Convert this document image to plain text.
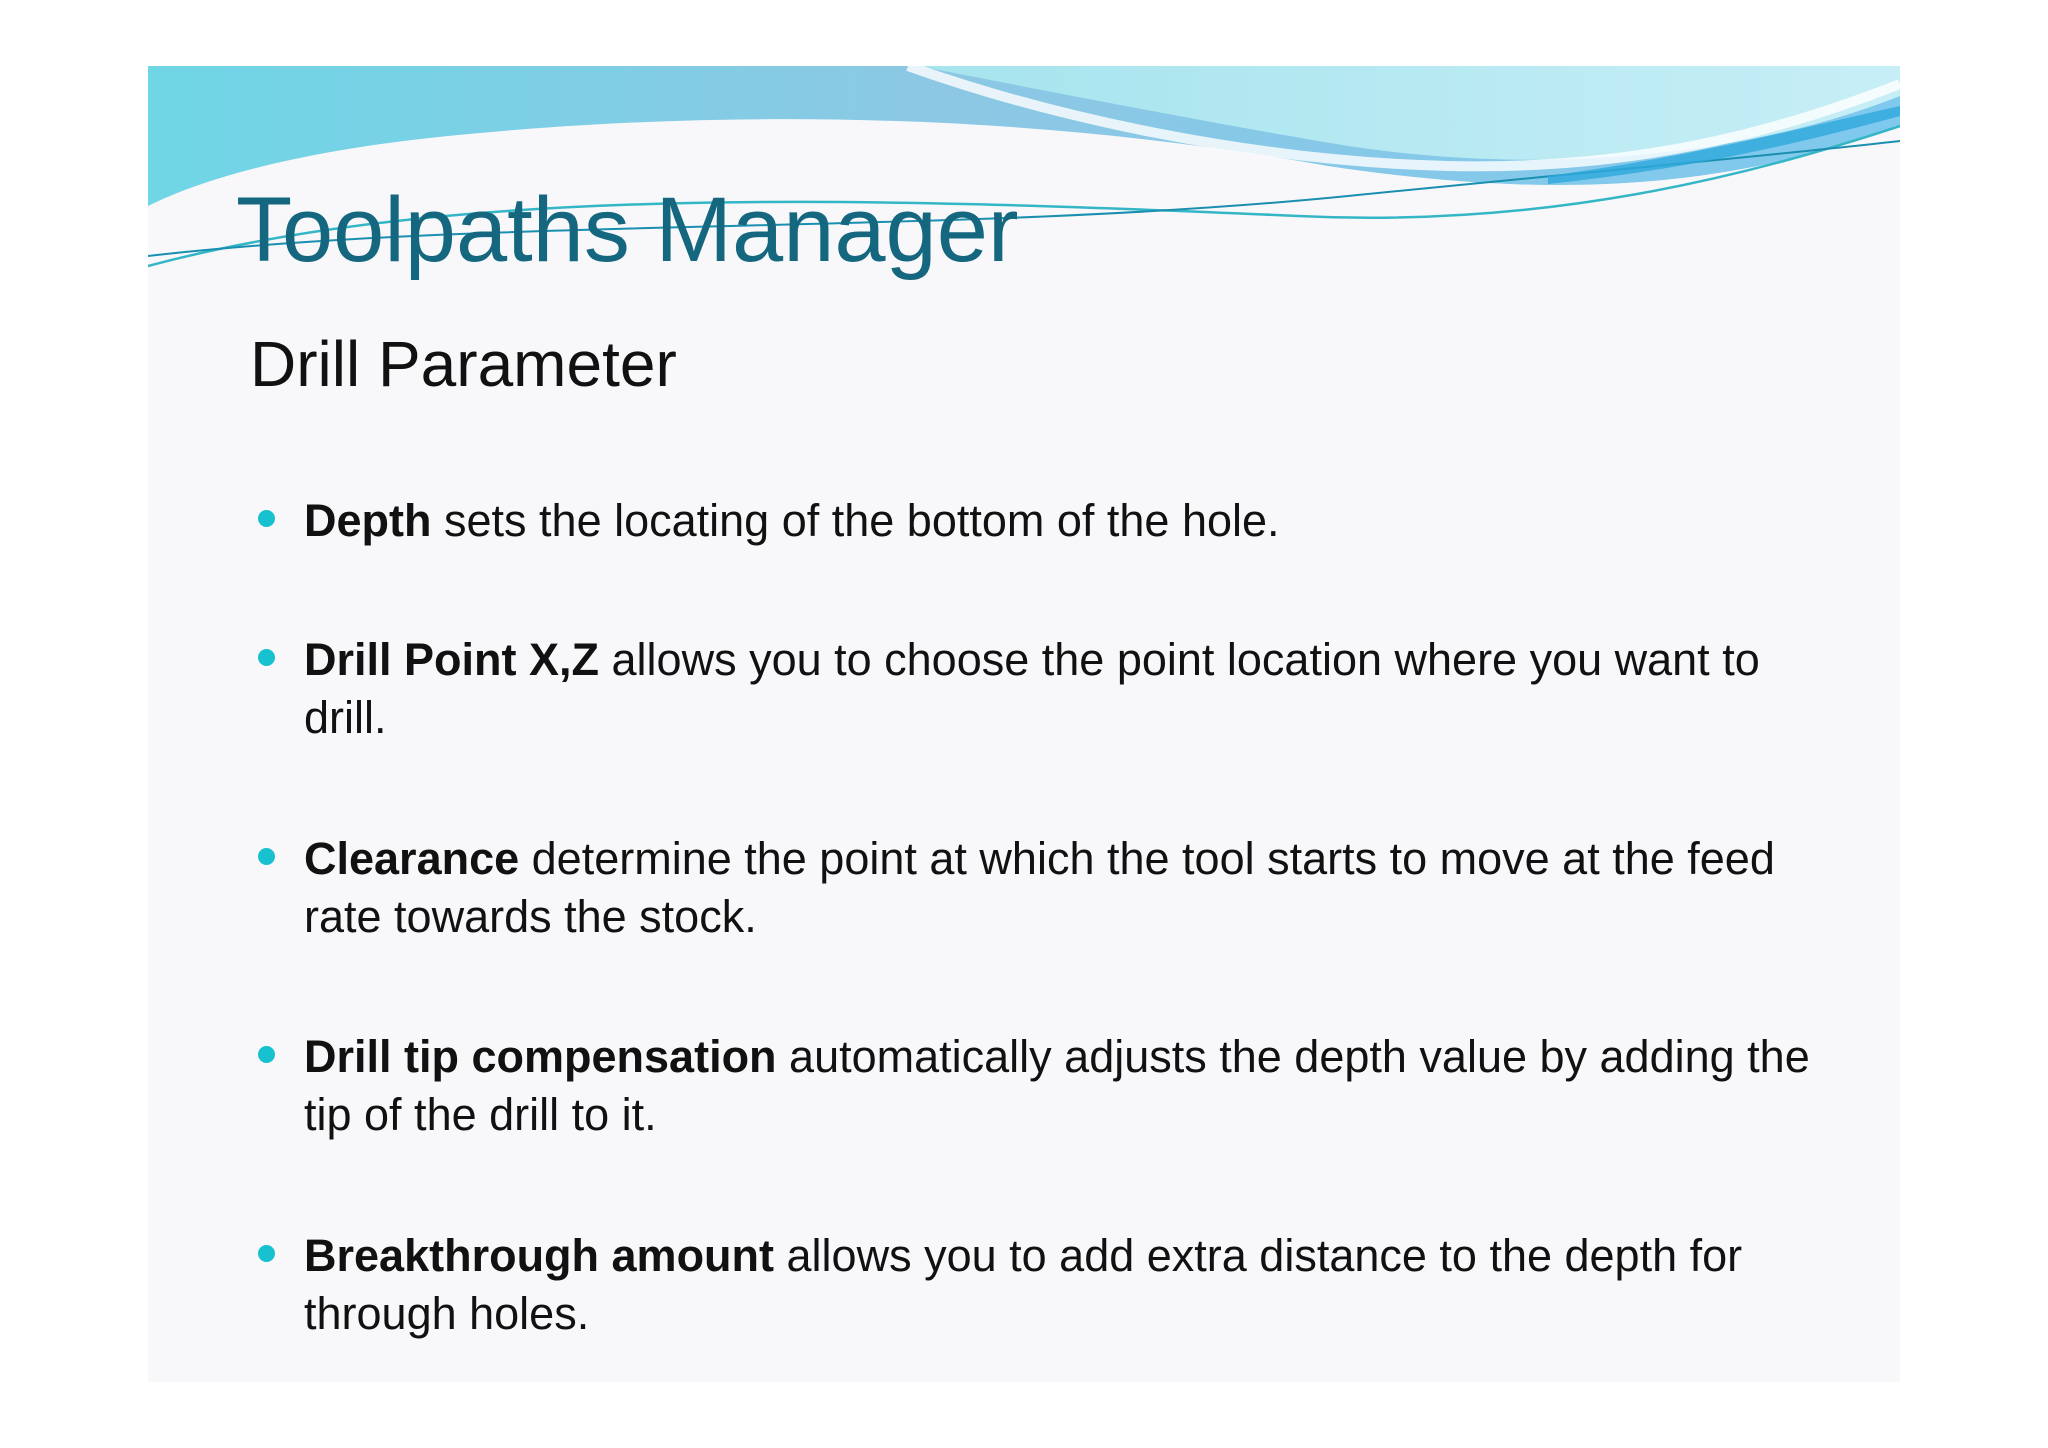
Toolpaths Manager
Drill Parameter
Depth sets the locating of the bottom of the hole.
Drill Point X,Z allows you to choose the point location where you want to drill.
Clearance determine the point at which the tool starts to move at the feed rate towards the stock.
Drill tip compensation automatically adjusts the depth value by adding the tip of the drill to it.
Breakthrough amount allows you to add extra distance to the depth for through holes.
